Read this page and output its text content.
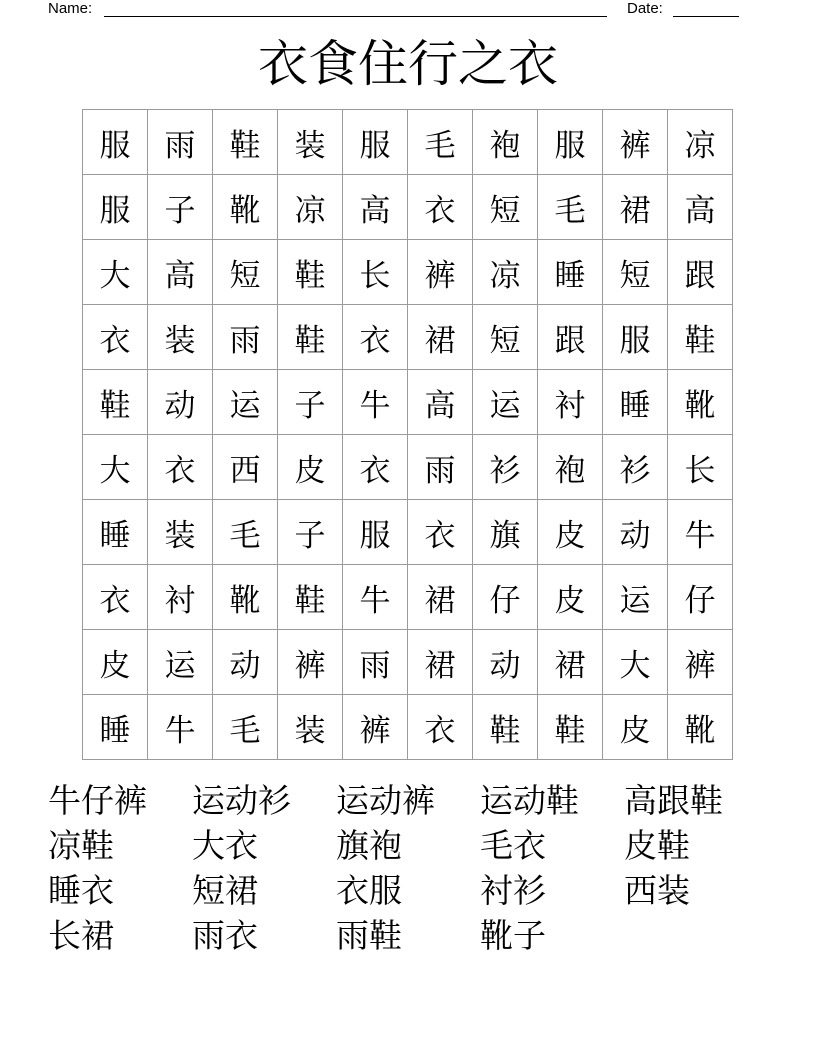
Name:	Date:
衣食住行之衣
服	雨	鞋	装	服	毛	袍	服	裤	凉
服	子	靴	凉	高	衣	短	毛	裙	高
大	高	短	鞋	长	裤	凉	睡	短	跟
衣	装	雨	鞋	衣	裙	短	跟	服	鞋
鞋	动	运	子	牛	高	运	衬	睡	靴
大	衣	西	皮	衣	雨	衫	袍	衫	长
睡	装	毛	子	服	衣	旗	皮	动	牛
衣	衬	靴	鞋	牛	裙	仔	皮	运	仔
皮	运	动	裤	雨	裙	动	裙	大	裤
睡	牛	毛	装	裤	衣	鞋	鞋	皮	靴
牛仔裤	运动衫	运动裤	运动鞋	高跟鞋
凉鞋	大衣	旗袍	毛衣	皮鞋
睡衣	短裙	衣服	衬衫	西装
长裙	雨衣	雨鞋	靴子
